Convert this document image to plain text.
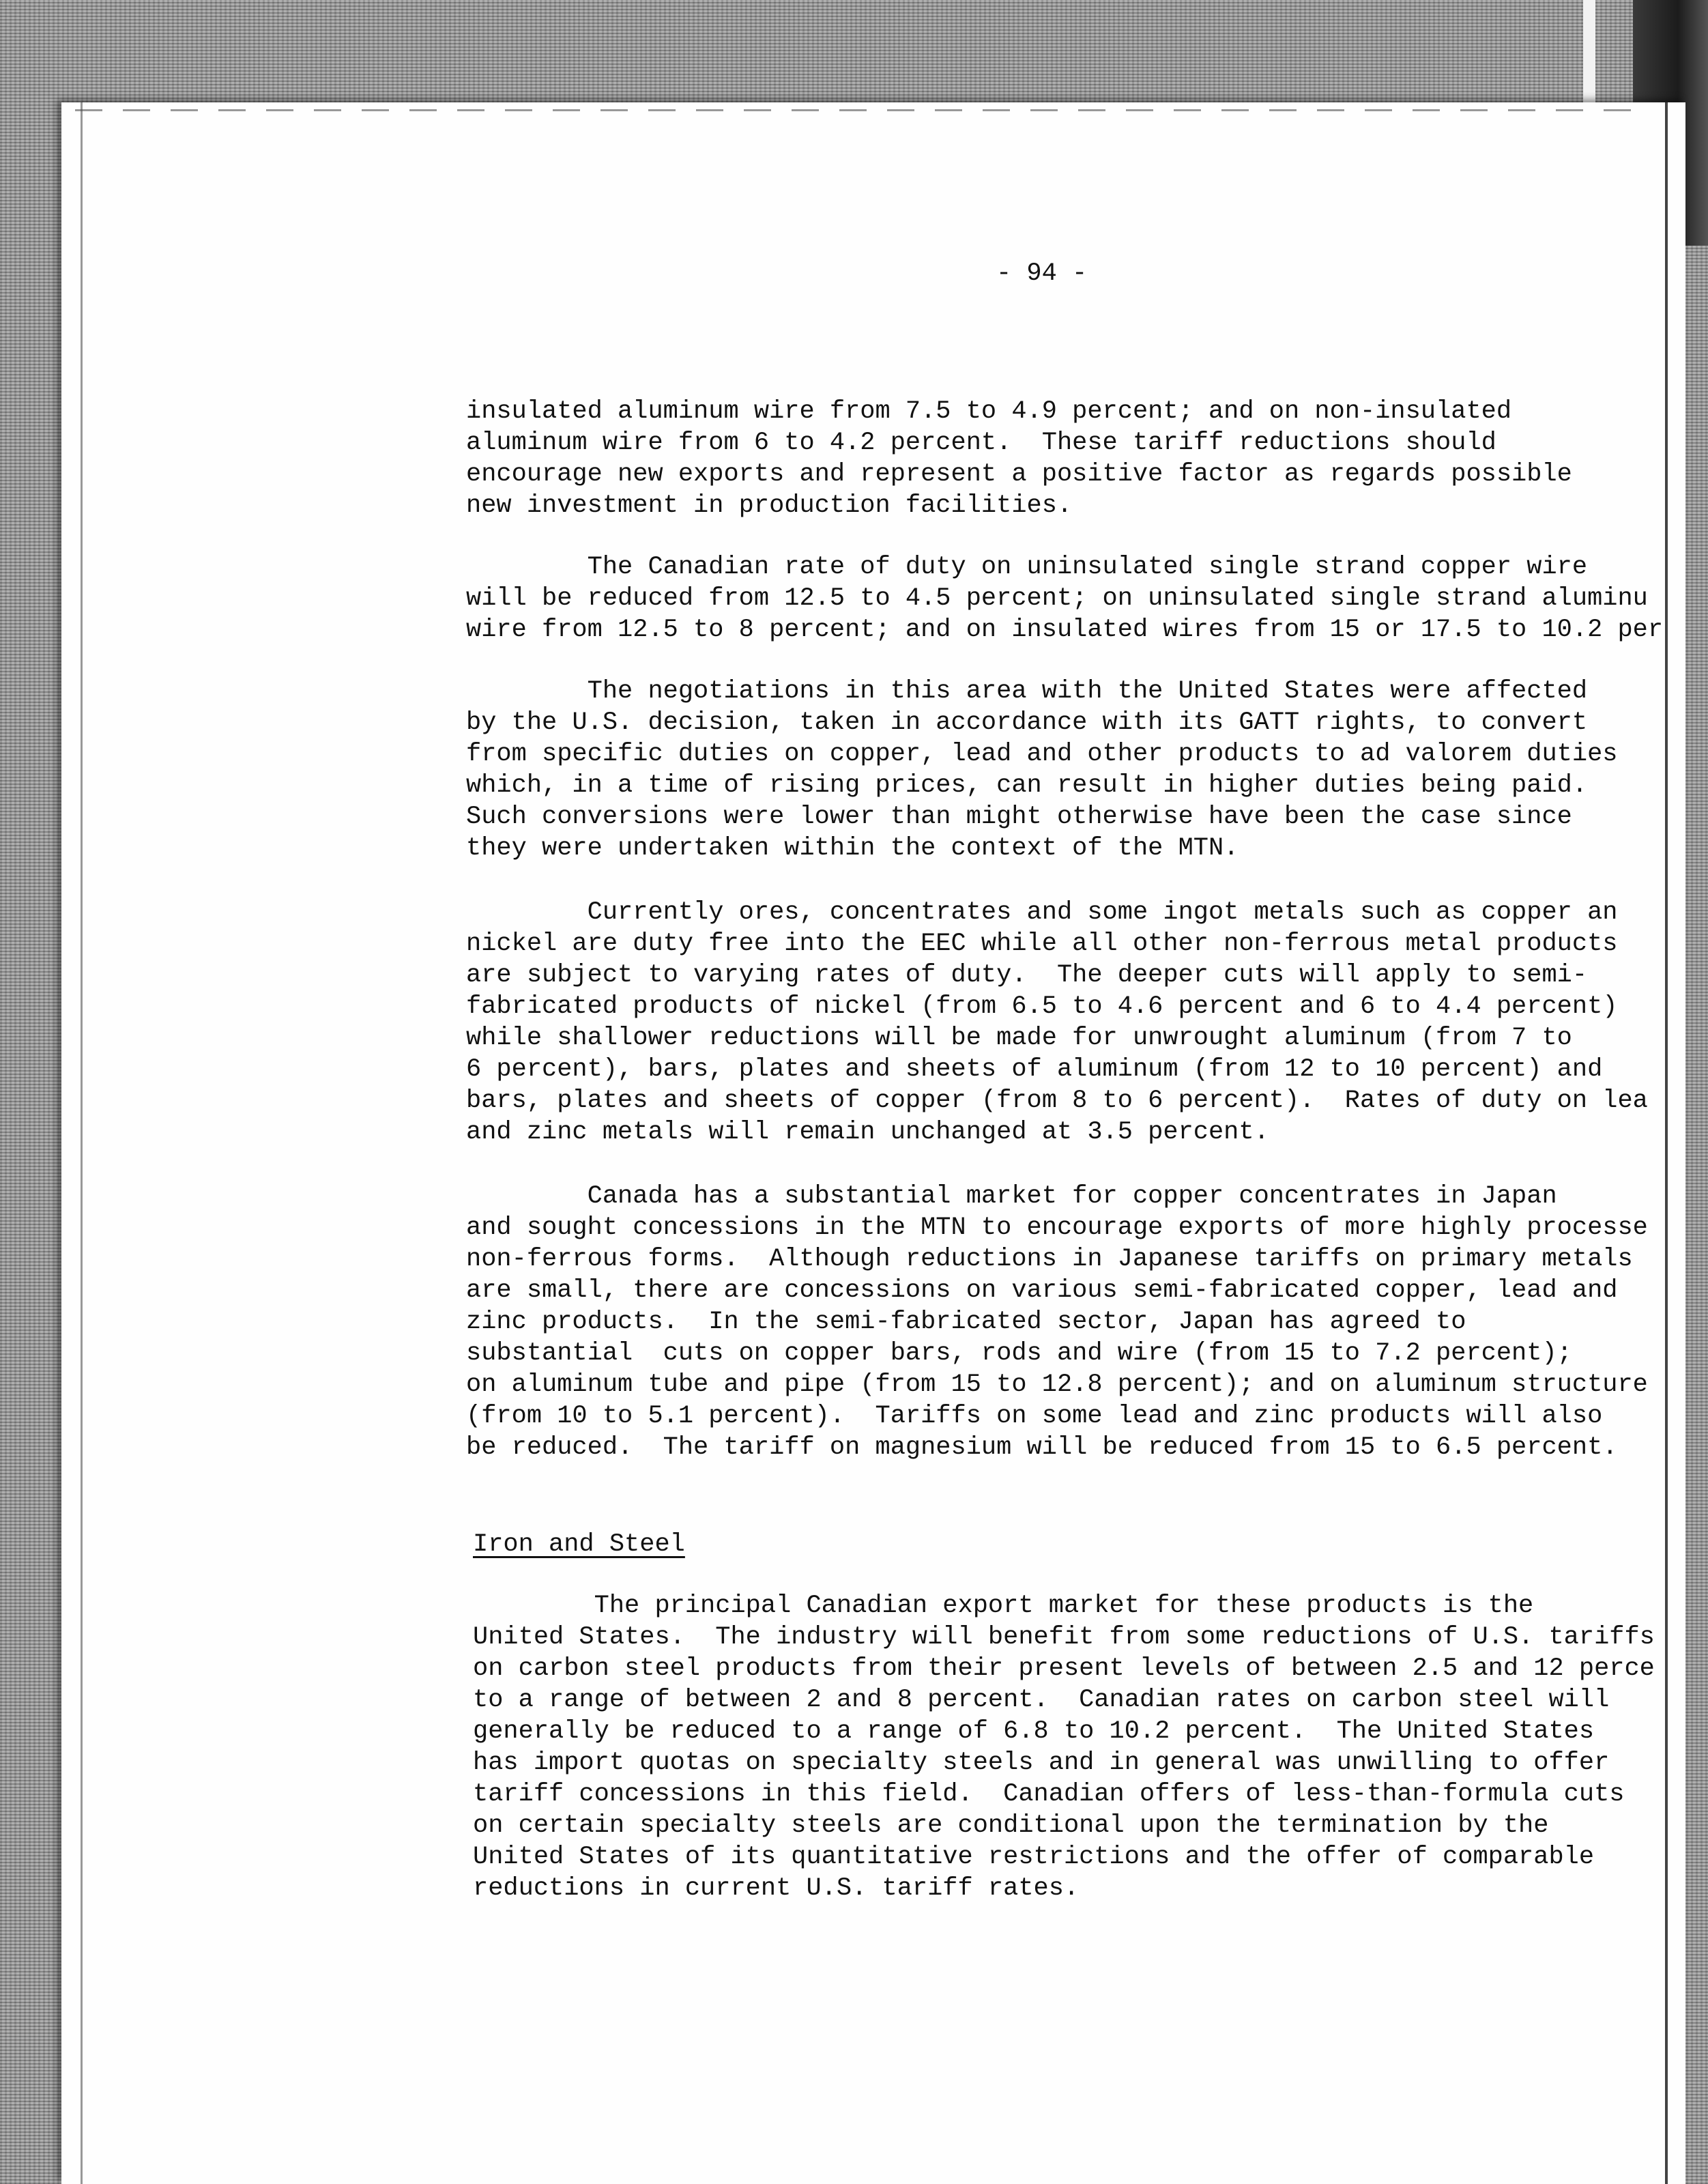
- 94 -

insulated aluminum wire from 7.5 to 4.9 percent; and on non-insulated
aluminum wire from 6 to 4.2 percent.  These tariff reductions should
encourage new exports and represent a positive factor as regards possible
new investment in production facilities.

The Canadian rate of duty on uninsulated single strand copper wire
will be reduced from 12.5 to 4.5 percent; on uninsulated single strand aluminu
wire from 12.5 to 8 percent; and on insulated wires from 15 or 17.5 to 10.2 per

The negotiations in this area with the United States were affected
by the U.S. decision, taken in accordance with its GATT rights, to convert
from specific duties on copper, lead and other products to ad valorem duties
which, in a time of rising prices, can result in higher duties being paid.
Such conversions were lower than might otherwise have been the case since
they were undertaken within the context of the MTN.

Currently ores, concentrates and some ingot metals such as copper an
nickel are duty free into the EEC while all other non-ferrous metal products
are subject to varying rates of duty.  The deeper cuts will apply to semi-
fabricated products of nickel (from 6.5 to 4.6 percent and 6 to 4.4 percent)
while shallower reductions will be made for unwrought aluminum (from 7 to
6 percent), bars, plates and sheets of aluminum (from 12 to 10 percent) and
bars, plates and sheets of copper (from 8 to 6 percent).  Rates of duty on lea
and zinc metals will remain unchanged at 3.5 percent.

Canada has a substantial market for copper concentrates in Japan
and sought concessions in the MTN to encourage exports of more highly processe
non-ferrous forms.  Although reductions in Japanese tariffs on primary metals
are small, there are concessions on various semi-fabricated copper, lead and
zinc products.  In the semi-fabricated sector, Japan has agreed to
substantial  cuts on copper bars, rods and wire (from 15 to 7.2 percent);
on aluminum tube and pipe (from 15 to 12.8 percent); and on aluminum structure
(from 10 to 5.1 percent).  Tariffs on some lead and zinc products will also
be reduced.  The tariff on magnesium will be reduced from 15 to 6.5 percent.

Iron and Steel

The principal Canadian export market for these products is the
United States.  The industry will benefit from some reductions of U.S. tariffs
on carbon steel products from their present levels of between 2.5 and 12 perce
to a range of between 2 and 8 percent.  Canadian rates on carbon steel will
generally be reduced to a range of 6.8 to 10.2 percent.  The United States
has import quotas on specialty steels and in general was unwilling to offer
tariff concessions in this field.  Canadian offers of less-than-formula cuts
on certain specialty steels are conditional upon the termination by the
United States of its quantitative restrictions and the offer of comparable
reductions in current U.S. tariff rates.
